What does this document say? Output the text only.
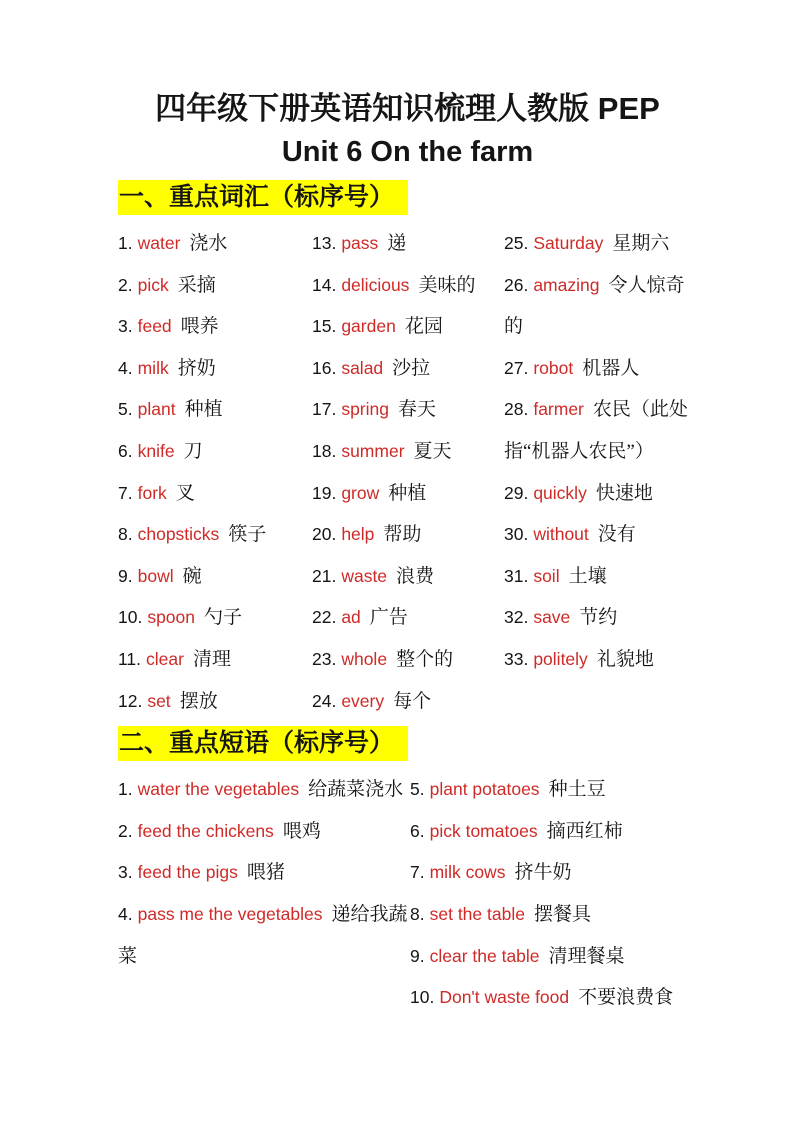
四年级下册英语知识梳理人教版 PEP
Unit 6 On the farm
一、重点词汇（标序号）
1. water 浇水
2. pick 采摘
3. feed 喂养
4. milk 挤奶
5. plant 种植
6. knife 刀
7. fork 叉
8. chopsticks 筷子
9. bowl 碗
10. spoon 勺子
11. clear 清理
12. set 摆放
13. pass 递
14. delicious 美味的
15. garden 花园
16. salad 沙拉
17. spring 春天
18. summer 夏天
19. grow 种植
20. help 帮助
21. waste 浪费
22. ad 广告
23. whole 整个的
24. every 每个
25. Saturday 星期六
26. amazing 令人惊奇的
27. robot 机器人
28. farmer 农民（此处指“机器人农民”）
29. quickly 快速地
30. without 没有
31. soil 土壤
32. save 节约
33. politely 礼貌地
二、重点短语（标序号）
1. water the vegetables 给蔬菜浇水
2. feed the chickens 喂鸡
3. feed the pigs 喂猪
4. pass me the vegetables 递给我蔬菜
5. plant potatoes 种土豆
6. pick tomatoes 摘西红柿
7. milk cows 挤牛奶
8. set the table 摆餐具
9. clear the table 清理餐桌
10. Don't waste food 不要浪费食
